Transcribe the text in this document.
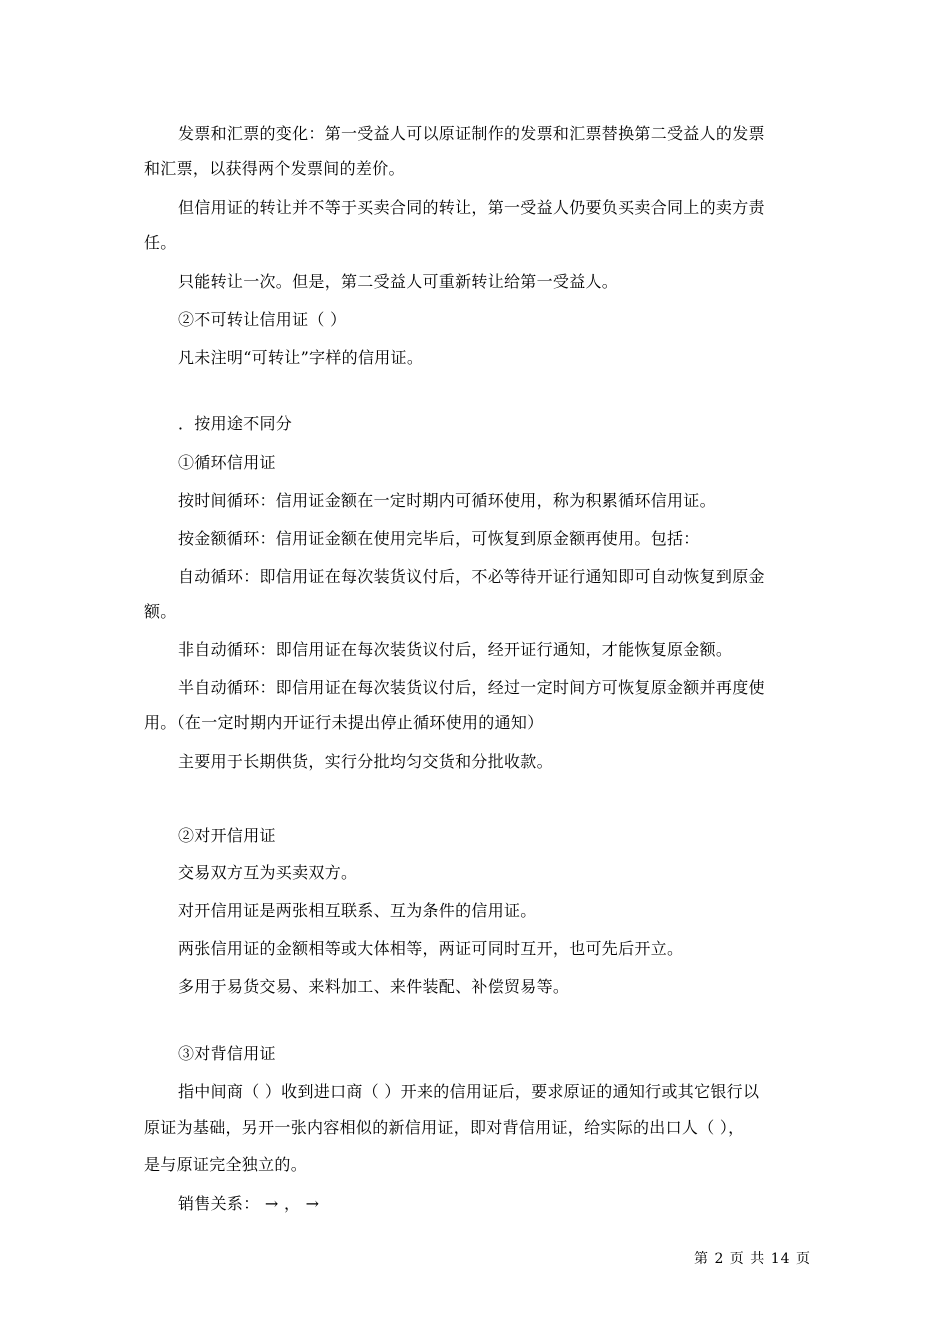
发票和汇票的变化：第一受益人可以原证制作的发票和汇票替换第二受益人的发票
和汇票，以获得两个发票间的差价。
但信用证的转让并不等于买卖合同的转让，第一受益人仍要负买卖合同上的卖方责
任。
只能转让一次。但是，第二受益人可重新转让给第一受益人。
②不可转让信用证（ ）
凡未注明“可转让”字样的信用证。
．按用途不同分
①循环信用证
按时间循环：信用证金额在一定时期内可循环使用，称为积累循环信用证。
按金额循环：信用证金额在使用完毕后，可恢复到原金额再使用。包括：
自动循环：即信用证在每次装货议付后，不必等待开证行通知即可自动恢复到原金
额。
非自动循环：即信用证在每次装货议付后，经开证行通知，才能恢复原金额。
半自动循环：即信用证在每次装货议付后，经过一定时间方可恢复原金额并再度使
用。（在一定时期内开证行未提出停止循环使用的通知）
主要用于长期供货，实行分批均匀交货和分批收款。
②对开信用证
交易双方互为买卖双方。
对开信用证是两张相互联系、互为条件的信用证。
两张信用证的金额相等或大体相等，两证可同时互开，也可先后开立。
多用于易货交易、来料加工、来件装配、补偿贸易等。
③对背信用证
指中间商（ ）收到进口商（ ）开来的信用证后，要求原证的通知行或其它银行以
原证为基础，另开一张内容相似的新信用证，即对背信用证，给实际的出口人（ ），
是与原证完全独立的。
销售关系： → ， →
第 2 页 共 14 页
